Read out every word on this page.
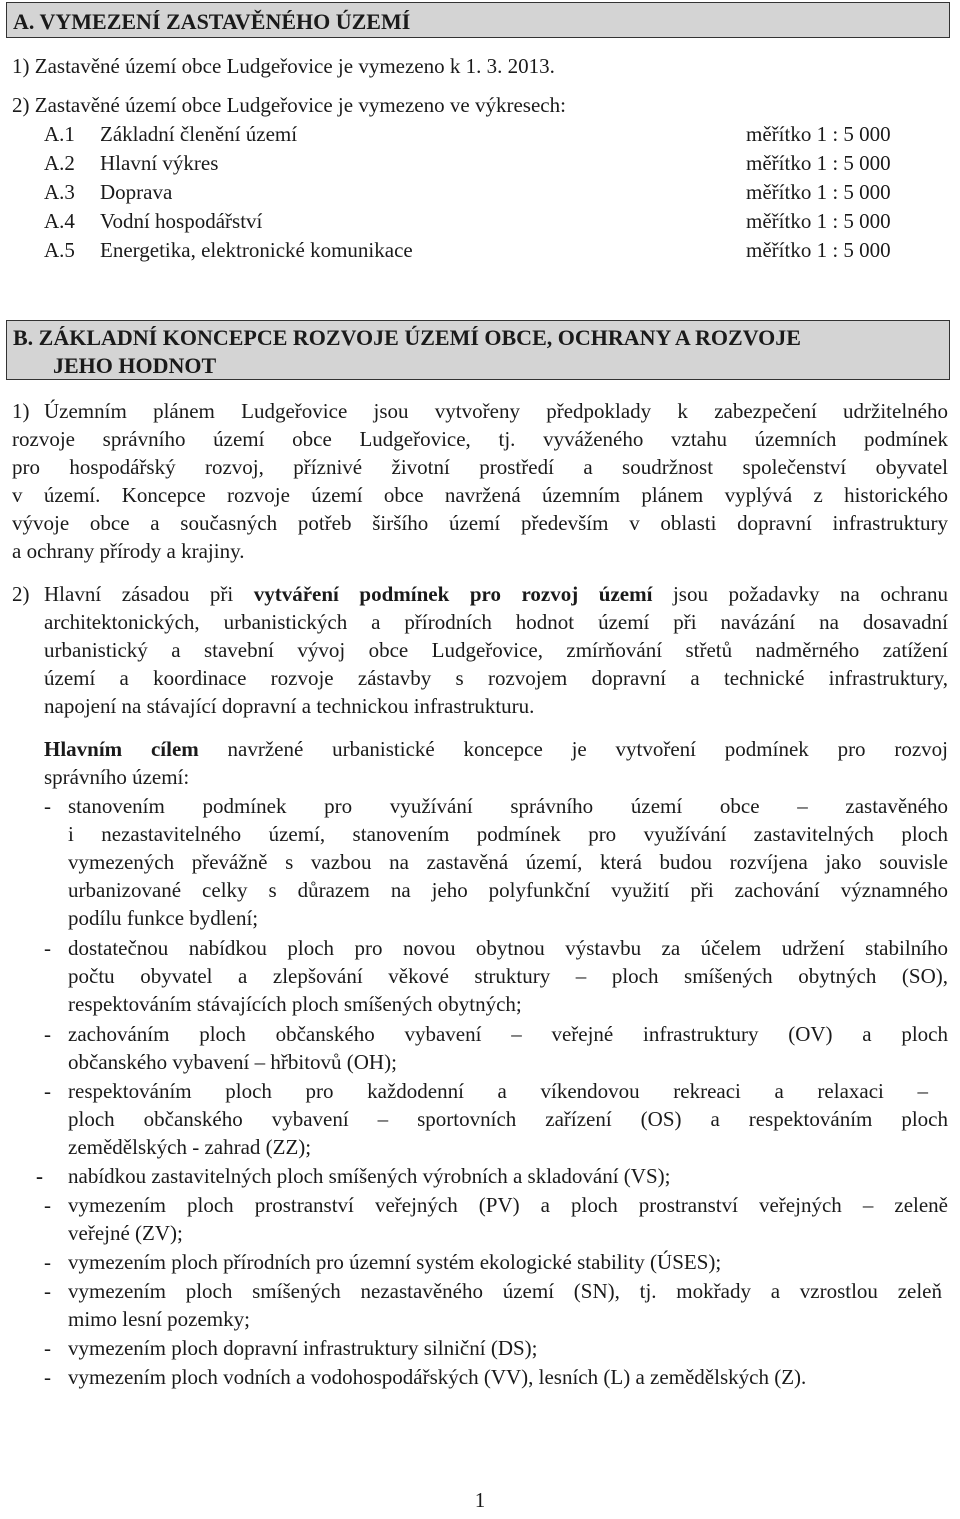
A. VYMEZENÍ ZASTAVĚNÉHO ÚZEMÍ
1) Zastavěné území obce Ludgeřovice je vymezeno k 1. 3. 2013.
2) Zastavěné území obce Ludgeřovice je vymezeno ve výkresech:
A.1 Základní členění území	měřítko 1 : 5 000
A.2 Hlavní výkres	měřítko 1 : 5 000
A.3 Doprava	měřítko 1 : 5 000
A.4 Vodní hospodářství	měřítko 1 : 5 000
A.5 Energetika, elektronické komunikace	měřítko 1 : 5 000
B. ZÁKLADNÍ KONCEPCE ROZVOJE ÚZEMÍ OBCE, OCHRANY A ROZVOJE
JEHO HODNOT
1) Územním plánem Ludgeřovice jsou vytvořeny předpoklady k zabezpečení udržitelného
rozvoje správního území obce Ludgeřovice, tj. vyváženého vztahu územních podmínek
pro hospodářský rozvoj, příznivé životní prostředí a soudržnost společenství obyvatel
v území. Koncepce rozvoje území obce navržená územním plánem vyplývá z historického
vývoje obce a současných potřeb širšího území především v oblasti dopravní infrastruktury
a ochrany přírody a krajiny.
2) Hlavní zásadou při vytváření podmínek pro rozvoj území jsou požadavky na ochranu
architektonických, urbanistických a přírodních hodnot území při navázání na dosavadní
urbanistický a stavební vývoj obce Ludgeřovice, zmírňování střetů nadměrného zatížení
území a koordinace rozvoje zástavby s rozvojem dopravní a technické infrastruktury,
napojení na stávající dopravní a technickou infrastrukturu.
Hlavním cílem navržené urbanistické koncepce je vytvoření podmínek pro rozvoj
správního území:
- stanovením podmínek pro využívání správního území obce – zastavěného
i nezastavitelného území, stanovením podmínek pro využívání zastavitelných ploch
vymezených převážně s vazbou na zastavěná území, která budou rozvíjena jako souvisle
urbanizované celky s důrazem na jeho polyfunkční využití při zachování významného
podílu funkce bydlení;
- dostatečnou nabídkou ploch pro novou obytnou výstavbu za účelem udržení stabilního
počtu obyvatel a zlepšování věkové struktury – ploch smíšených obytných (SO),
respektováním stávajících ploch smíšených obytných;
- zachováním ploch občanského vybavení – veřejné infrastruktury (OV) a ploch
občanského vybavení – hřbitovů (OH);
- respektováním ploch pro každodenní a víkendovou rekreaci a relaxaci –
ploch občanského vybavení – sportovních zařízení (OS) a respektováním ploch
zemědělských - zahrad (ZZ);
- nabídkou zastavitelných ploch smíšených výrobních a skladování (VS);
- vymezením ploch prostranství veřejných (PV) a ploch prostranství veřejných – zeleně
veřejné (ZV);
- vymezením ploch přírodních pro územní systém ekologické stability (ÚSES);
- vymezením ploch smíšených nezastavěného území (SN), tj. mokřady a vzrostlou zeleň
mimo lesní pozemky;
- vymezením ploch dopravní infrastruktury silniční (DS);
- vymezením ploch vodních a vodohospodářských (VV), lesních (L) a zemědělských (Z).
1
